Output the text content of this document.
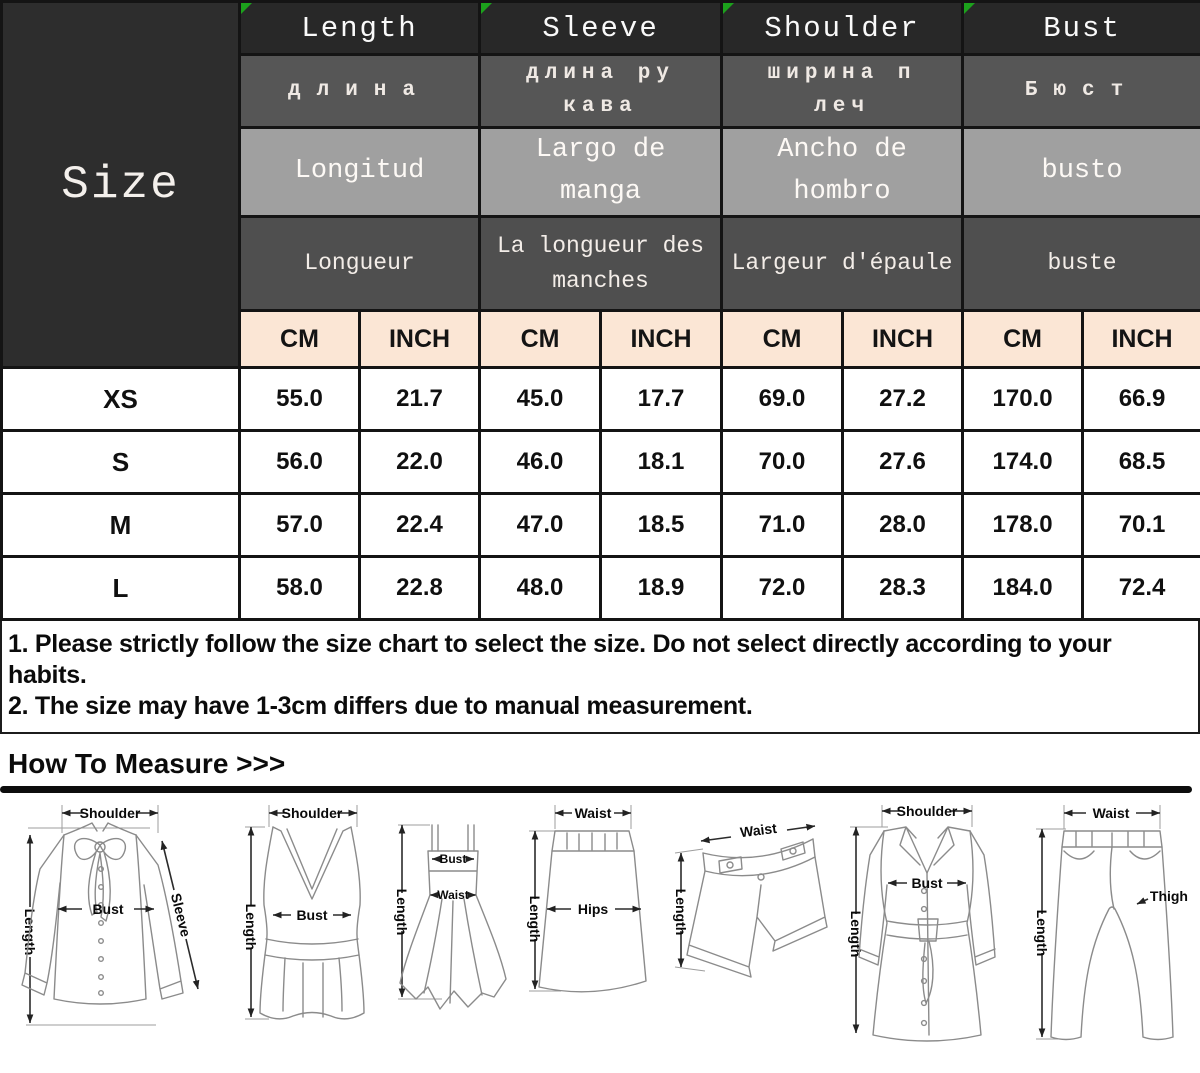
Size	Length		Sleeve		Shoulder		Bust	
	длина		длина рукава		ширина плеч		Бюст	
	Longitud		Largo de manga		Ancho de hombro		busto	
	Longueur		La longueur des manches		Largeur d'épaule		buste	
	CM	INCH	CM	INCH	CM	INCH	CM	INCH
XS	55.0	21.7	45.0	17.7	69.0	27.2	170.0	66.9
S	56.0	22.0	46.0	18.1	70.0	27.6	174.0	68.5
M	57.0	22.4	47.0	18.5	71.0	28.0	178.0	70.1
L	58.0	22.8	48.0	18.9	72.0	28.3	184.0	72.4

1. Please strictly follow the size chart to select the size. Do not select directly according to your habits.

2. The size may have 1-3cm differs due to manual measurement.

How To Measure >>>
Shoulder
Length	Bust	Sleeve
Shoulder
Length	Bust	Length
Bust
Waist
Waist
Length Hips
Waist
Length
Shoulder
Length
Bust
Waist
Length
Thigh
